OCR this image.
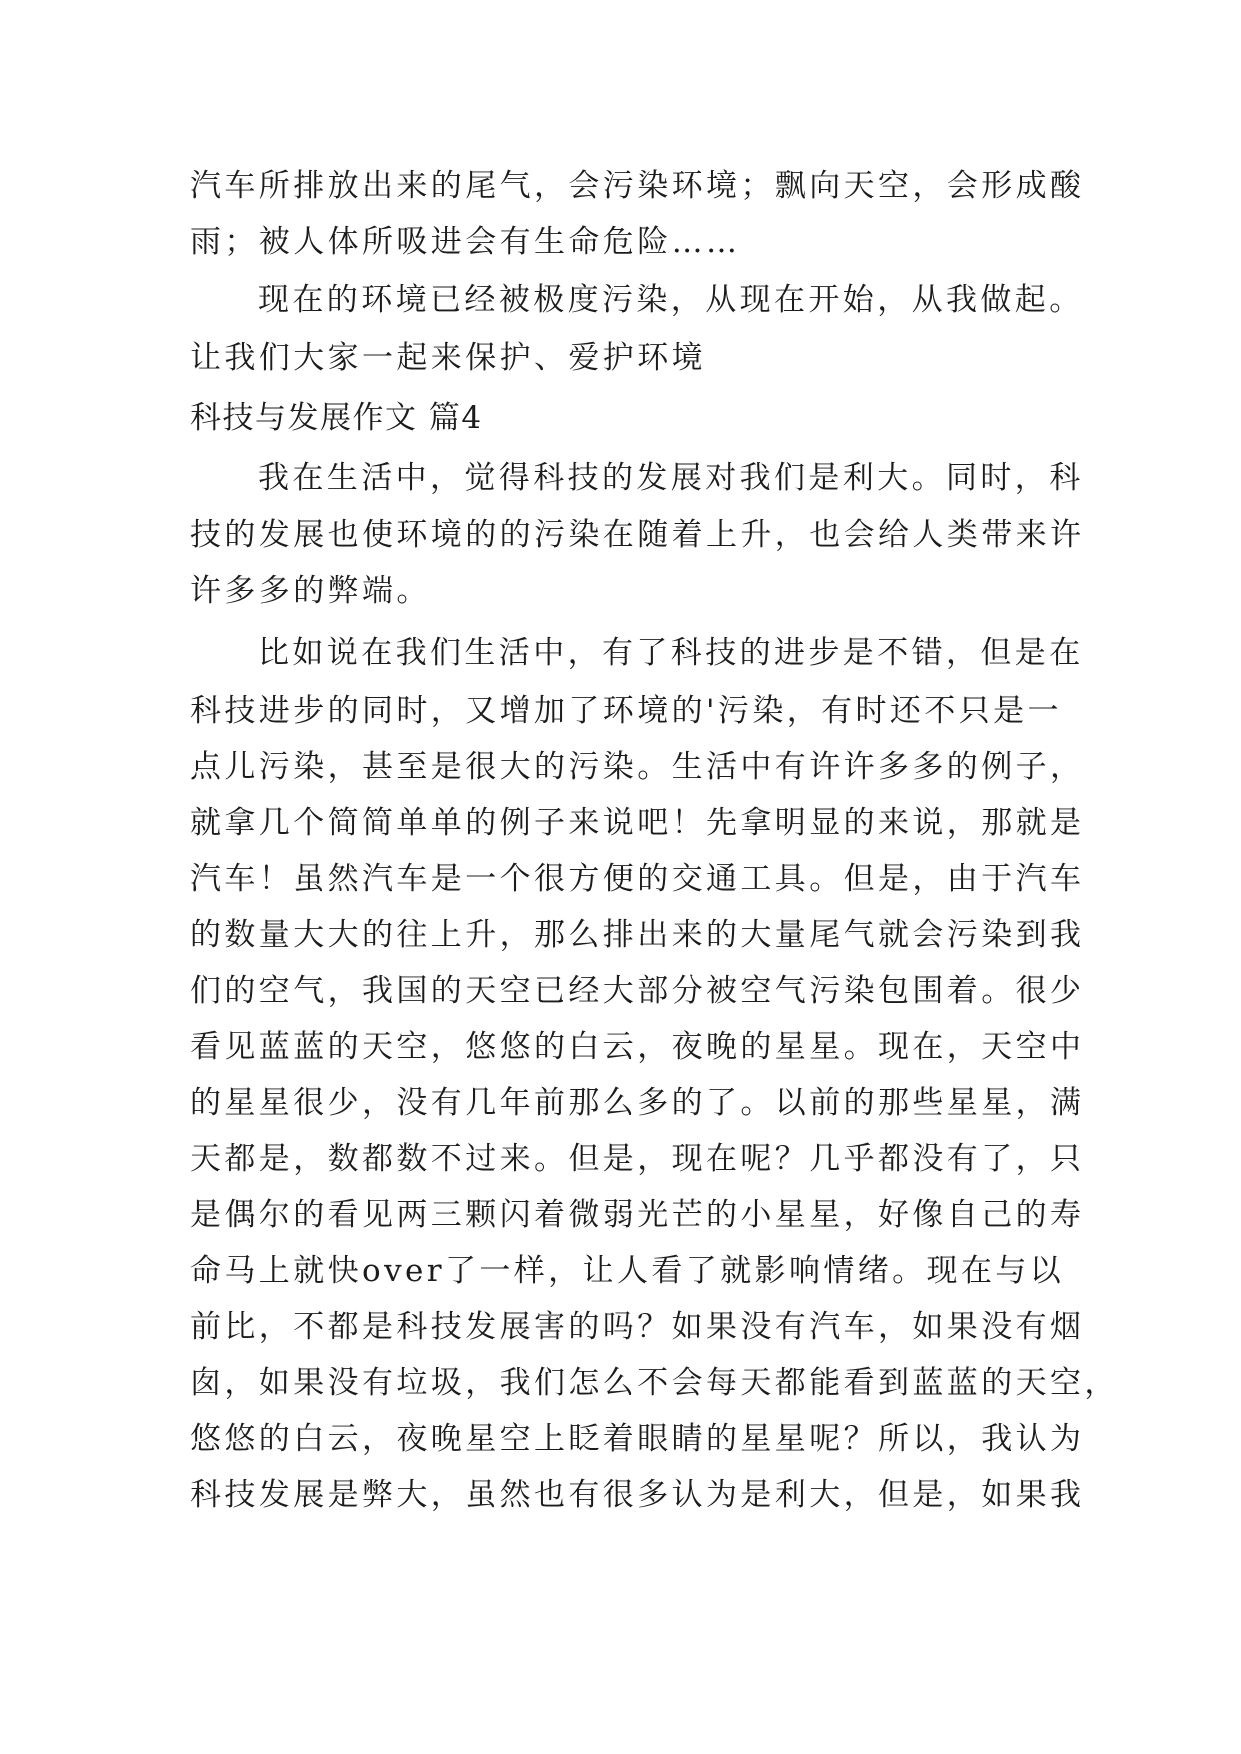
汽车所排放出来的尾气，会污染环境；飘向天空，会形成酸
雨；被人体所吸进会有生命危险……
现在的环境已经被极度污染，从现在开始，从我做起。
让我们大家一起来保护、爱护环境
科技与发展作文 篇4
我在生活中，觉得科技的发展对我们是利大。同时，科
技的发展也使环境的的污染在随着上升，也会给人类带来许
许多多的弊端。
比如说在我们生活中，有了科技的进步是不错，但是在
科技进步的同时，又增加了环境的'污染，有时还不只是一
点儿污染，甚至是很大的污染。生活中有许许多多的例子，
就拿几个简简单单的例子来说吧！先拿明显的来说，那就是
汽车！虽然汽车是一个很方便的交通工具。但是，由于汽车
的数量大大的往上升，那么排出来的大量尾气就会污染到我
们的空气，我国的天空已经大部分被空气污染包围着。很少
看见蓝蓝的天空，悠悠的白云，夜晚的星星。现在，天空中
的星星很少，没有几年前那么多的了。以前的那些星星，满
天都是，数都数不过来。但是，现在呢？几乎都没有了，只
是偶尔的看见两三颗闪着微弱光芒的小星星，好像自己的寿
命马上就快over了一样，让人看了就影响情绪。现在与以
前比，不都是科技发展害的吗？如果没有汽车，如果没有烟
囱，如果没有垃圾，我们怎么不会每天都能看到蓝蓝的天空，
悠悠的白云，夜晚星空上眨着眼睛的星星呢？所以，我认为
科技发展是弊大，虽然也有很多认为是利大，但是，如果我
